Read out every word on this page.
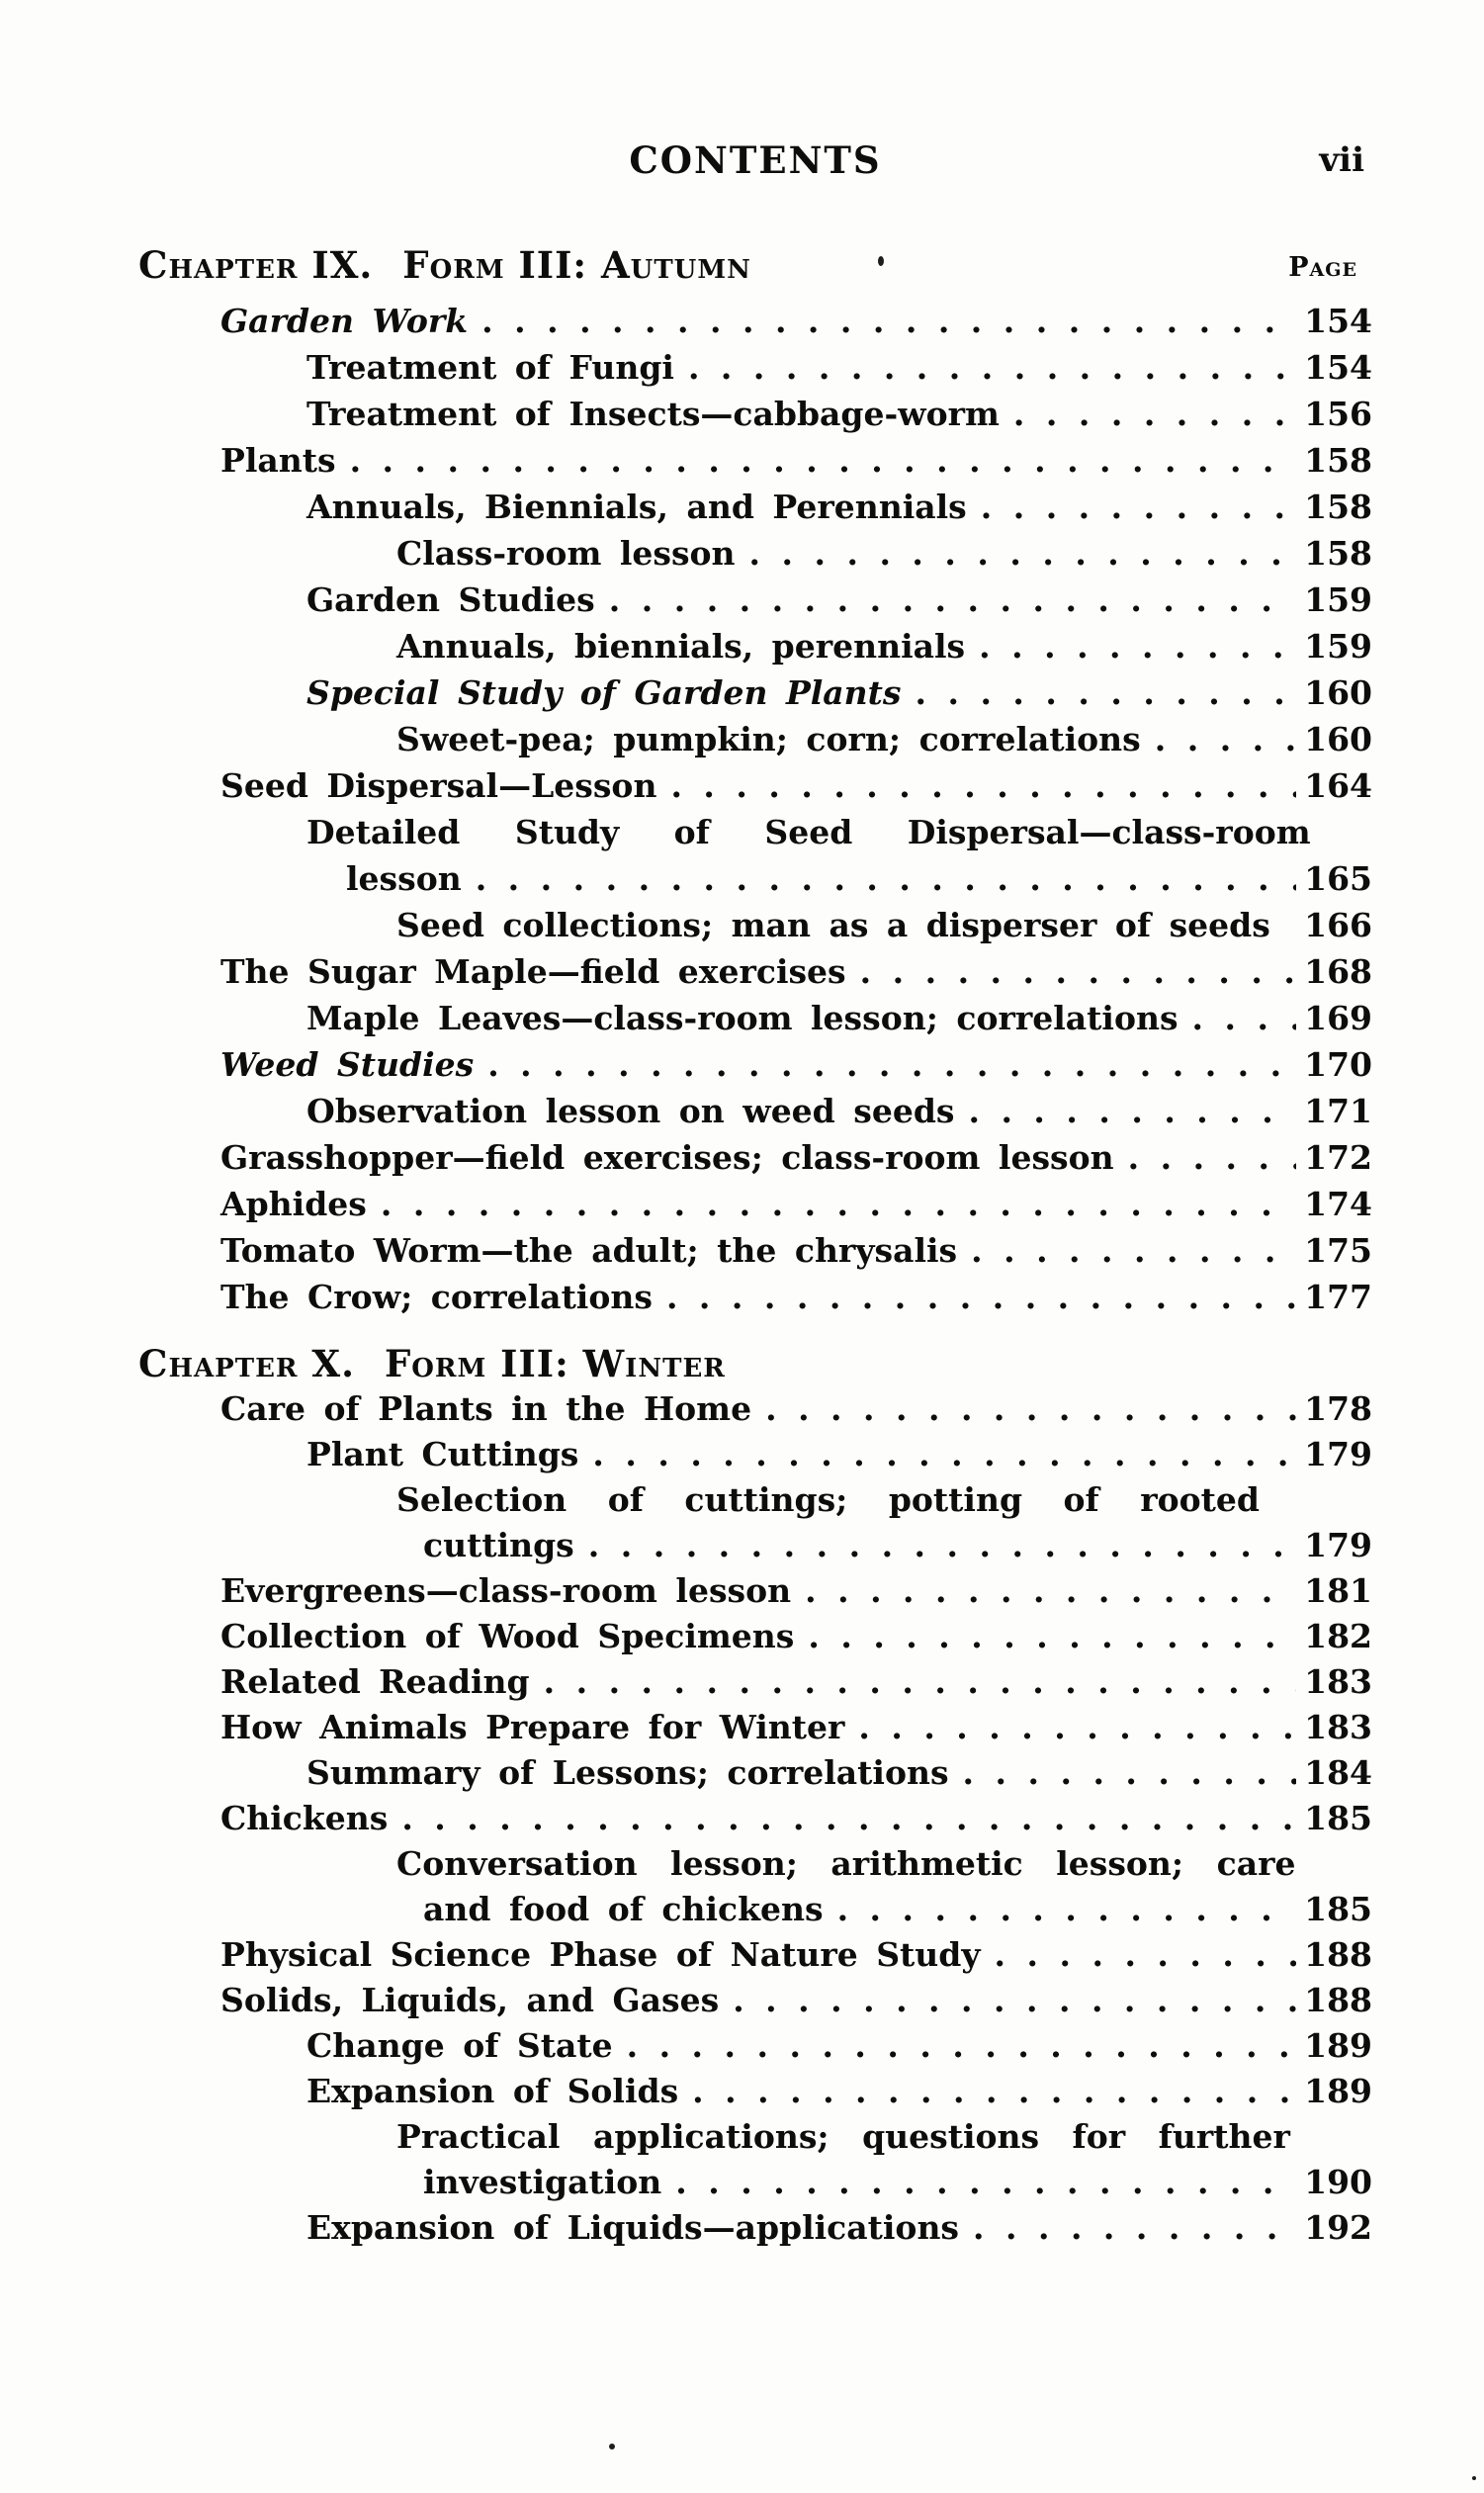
CONTENTS	vii
Chapter IX. Form III: Autumn	Page
Garden Work . . .	154
Treatment of Fungi . . .	154
Treatment of Insects—cabbage-worm . . .	156
Plants . . .	158
Annuals, Biennials, and Perennials . . .	158
Class-room lesson . . .	158
Garden Studies . . .	159
Annuals, biennials, perennials . . .	159
Special Study of Garden Plants . . .	160
Sweet-pea; pumpkin; corn; correlations . . .	160
Seed Dispersal—Lesson . . .	164
Detailed Study of Seed Dispersal—class-room
lesson . . .	165
Seed collections; man as a disperser of seeds 166
The Sugar Maple—field exercises . . .	168
Maple Leaves—class-room lesson; correlations . . .	169
Weed Studies . . .	170
Observation lesson on weed seeds . . .	171
Grasshopper—field exercises; class-room lesson . . .	172
Aphides . . .	174
Tomato Worm—the adult; the chrysalis . . .	175
The Crow; correlations . . .	177
Chapter X. Form III: Winter
Care of Plants in the Home . . .	178
Plant Cuttings . . .	179
Selection of cuttings; potting of rooted
cuttings . . .	179
Evergreens—class-room lesson . . .	181
Collection of Wood Specimens . . .	182
Related Reading . . .	183
How Animals Prepare for Winter . . .	183
Summary of Lessons; correlations . . .	184
Chickens . . .	185
Conversation lesson; arithmetic lesson; care
and food of chickens . . .	185
Physical Science Phase of Nature Study . . .	188
Solids, Liquids, and Gases . . .	188
Change of State . . .	189
Expansion of Solids . . .	189
Practical applications; questions for further
investigation . . .	190
Expansion of Liquids—applications . . .	192
